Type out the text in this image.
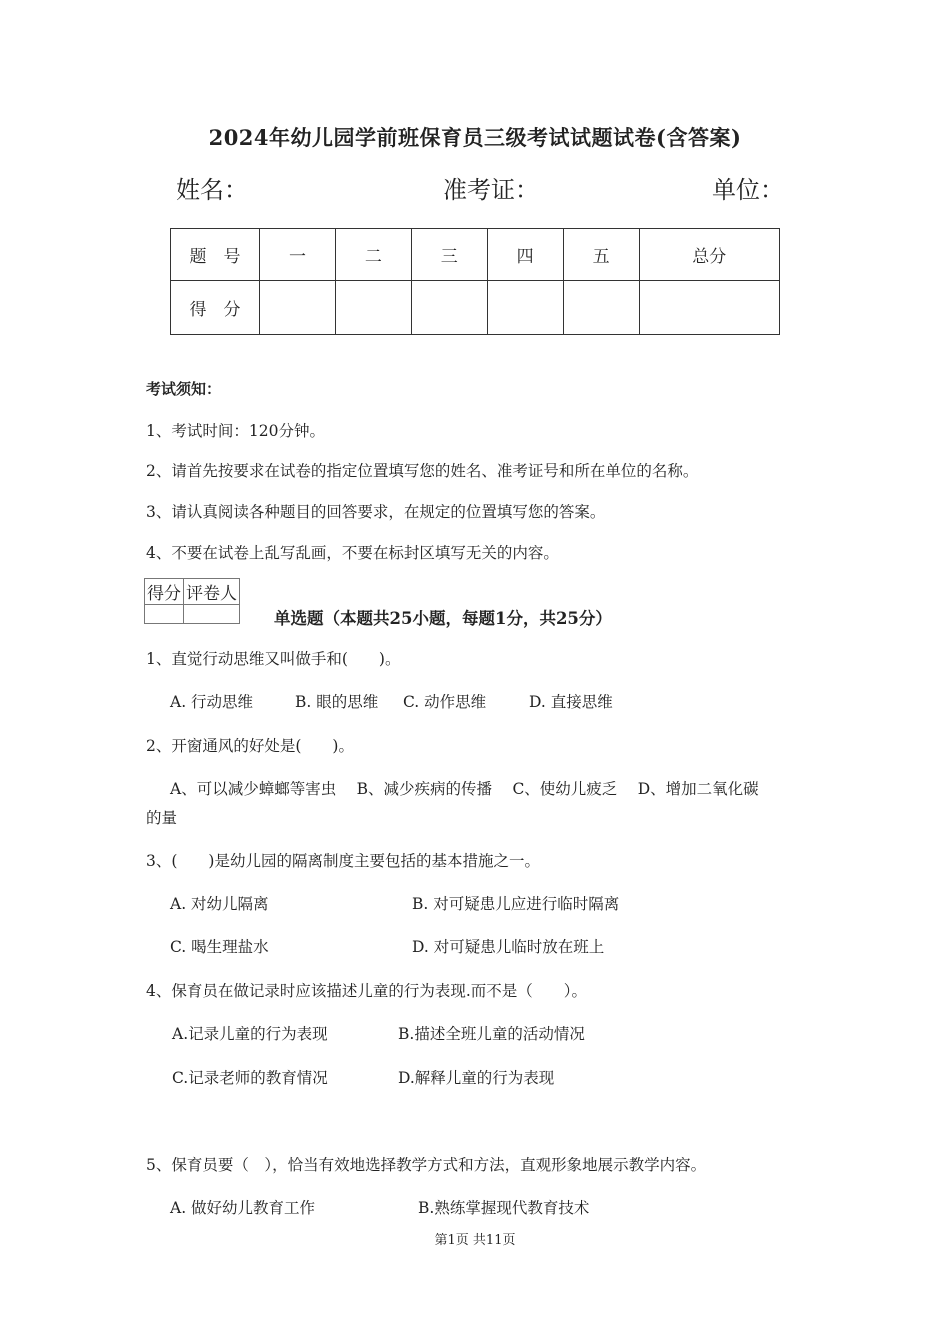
2024年幼儿园学前班保育员三级考试试题试卷(含答案)
姓名：	准考证：	单位：
题　号	一	二	三	四	五	总分
得　分						
考试须知：
1、考试时间：120分钟。
2、请首先按要求在试卷的指定位置填写您的姓名、准考证号和所在单位的名称。
3、请认真阅读各种题目的回答要求，在规定的位置填写您的答案。
4、不要在试卷上乱写乱画，不要在标封区填写无关的内容。
得分	评卷人

单选题（本题共25小题，每题1分，共25分）
1、直觉行动思维又叫做手和(　　)。
A. 行动思维	B. 眼的思维 C. 动作思维	D. 直接思维
2、开窗通风的好处是(　　)。
A、可以减少蟑螂等害虫　 B、减少疾病的传播　 C、使幼儿疲乏　 D、增加二氧化碳
的量
3、(　　)是幼儿园的隔离制度主要包括的基本措施之一。
A. 对幼儿隔离	B. 对可疑患儿应进行临时隔离
C. 喝生理盐水	D. 对可疑患儿临时放在班上
4、保育员在做记录时应该描述儿童的行为表现.而不是（　　）。
A.记录儿童的行为表现	B.描述全班儿童的活动情况
C.记录老师的教育情况	D.解释儿童的行为表现
5、保育员要（　），恰当有效地选择教学方式和方法，直观形象地展示教学内容。
A. 做好幼儿教育工作	B.熟练掌握现代教育技术
第1页 共11页
